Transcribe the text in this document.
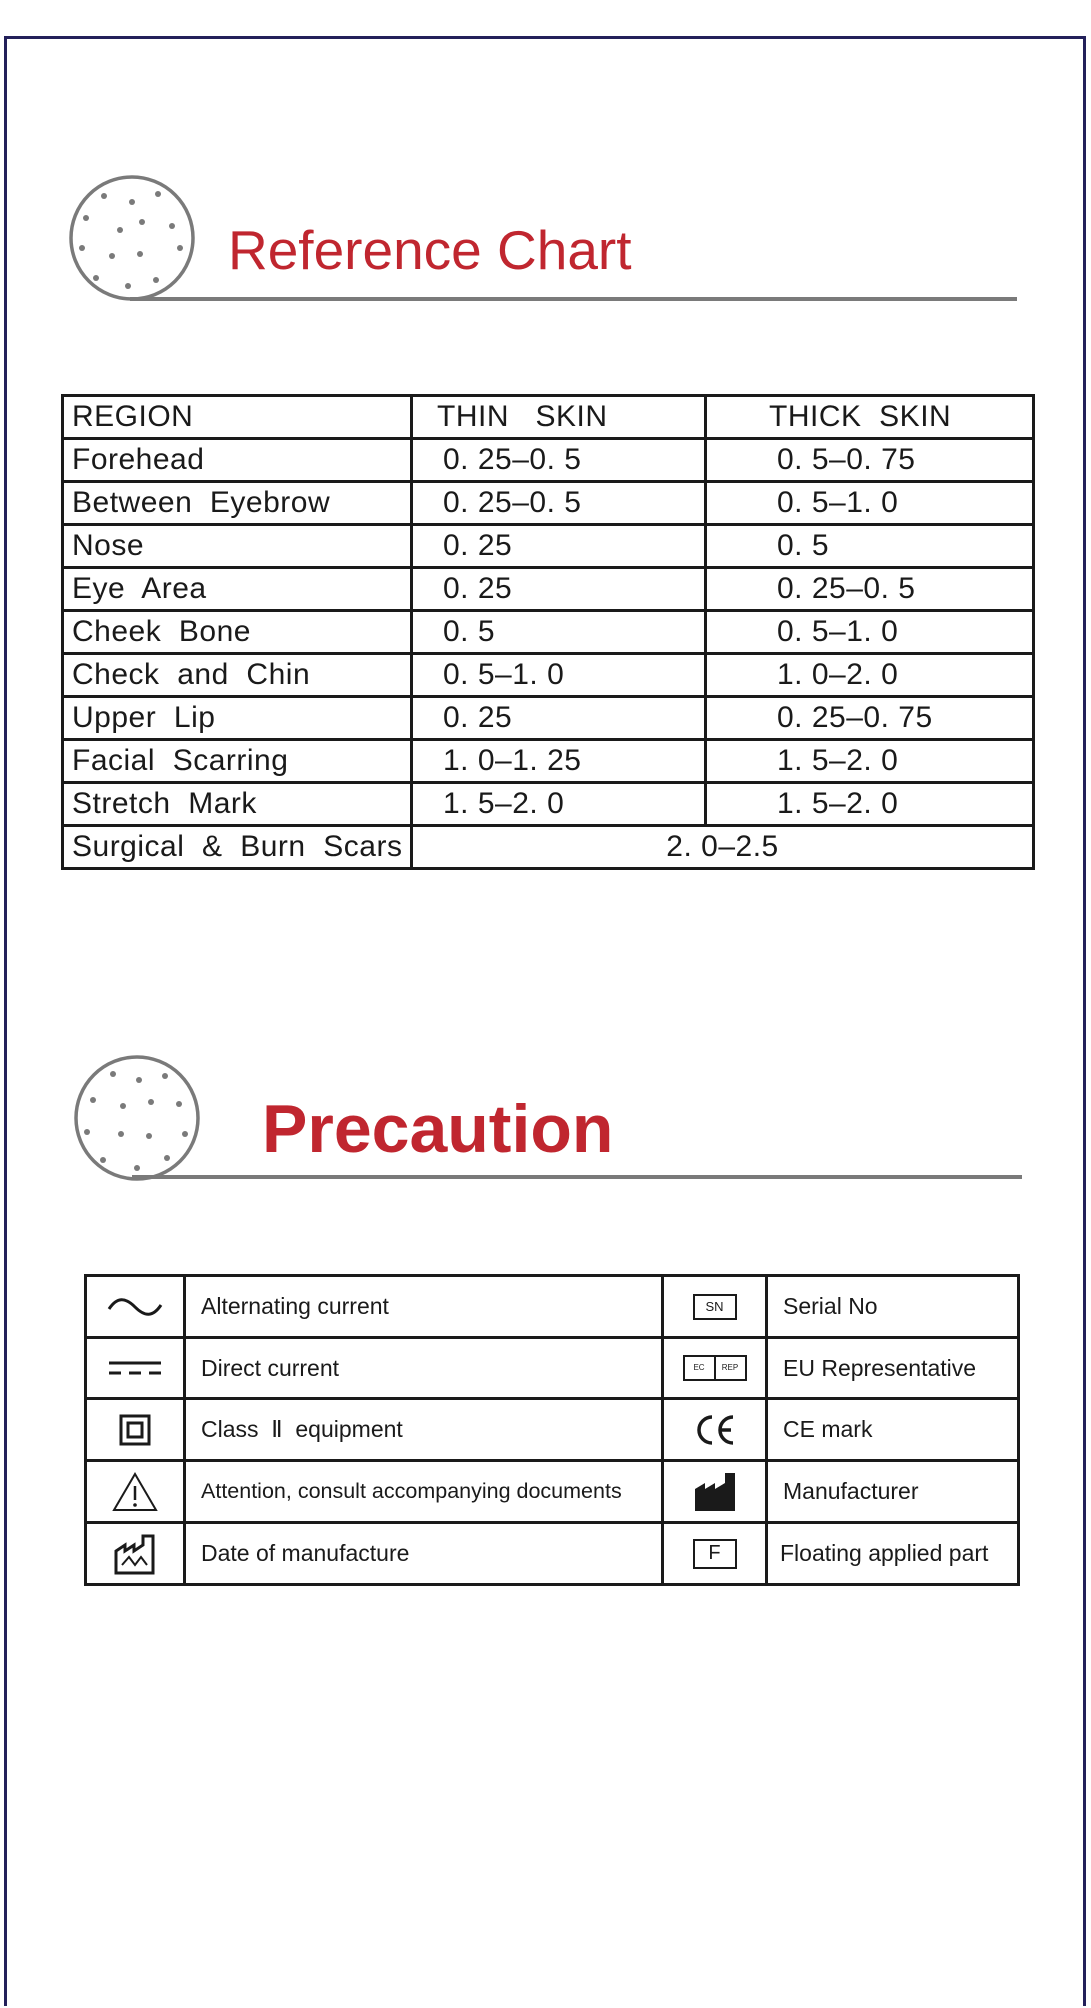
Reference Chart
REGION	THIN   SKIN	THICK  SKIN
Forehead	0. 25–0. 5	0. 5–0. 75
Between  Eyebrow	0. 25–0. 5	0. 5–1. 0
Nose	0. 25	0. 5
Eye  Area	0. 25	0. 25–0. 5
Cheek  Bone	0. 5	0. 5–1. 0
Check  and  Chin	0. 5–1. 0	1. 0–2. 0
Upper  Lip	0. 25	0. 25–0. 75
Facial  Scarring	1. 0–1. 25	1. 5–2. 0
Stretch  Mark	1. 5–2. 0	1. 5–2. 0
Surgical  &  Burn  Scars	2. 0–2.5	
Precaution
	Alternating current	SN	Serial No

	Direct current	EC REP	EU Representative

	Class  Ⅱ  equipment		CE mark

	Attention, consult accompanying documents		Manufacturer

	Date of manufacture	F	Floating applied part
